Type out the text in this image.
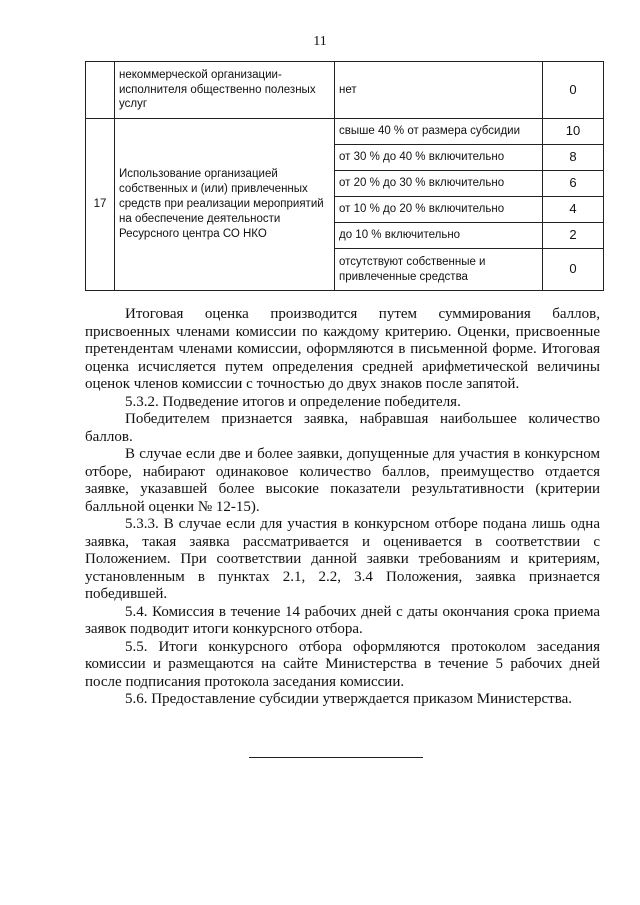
11
	некоммерческой организации-исполнителя общественно полезных услуг	нет	0
17	Использование организацией собственных и (или) привлеченных средств при реализации мероприятий на обеспечение деятельности Ресурсного центра СО НКО	свыше 40 % от размера субсидии	10
		от 30 % до 40 % включительно	8
		от 20 % до 30 % включительно	6
		от 10 % до 20 % включительно	4
		до 10 % включительно	2
		отсутствуют собственные и привлеченные средства	0

Итоговая оценка производится путем суммирования баллов, присвоенных членами комиссии по каждому критерию. Оценки, присвоенные претендентам членами комиссии, оформляются в письменной форме. Итоговая оценка исчисляется путем определения средней арифметической величины оценок членов комиссии с точностью до двух знаков после запятой.

5.3.2. Подведение итогов и определение победителя.

Победителем признается заявка, набравшая наибольшее количество баллов.

В случае если две и более заявки, допущенные для участия в конкурсном отборе, набирают одинаковое количество баллов, преимущество отдается заявке, указавшей более высокие показатели результативности (критерии балльной оценки № 12-15).

5.3.3. В случае если для участия в конкурсном отборе подана лишь одна заявка, такая заявка рассматривается и оценивается в соответствии с Положением. При соответствии данной заявки требованиям и критериям, установленным в пунктах 2.1, 2.2, 3.4 Положения, заявка признается победившей.

5.4. Комиссия в течение 14 рабочих дней с даты окончания срока приема заявок подводит итоги конкурсного отбора.

5.5. Итоги конкурсного отбора оформляются протоколом заседания комиссии и размещаются на сайте Министерства в течение 5 рабочих дней после подписания протокола заседания комиссии.

5.6. Предоставление субсидии утверждается приказом Министерства.
